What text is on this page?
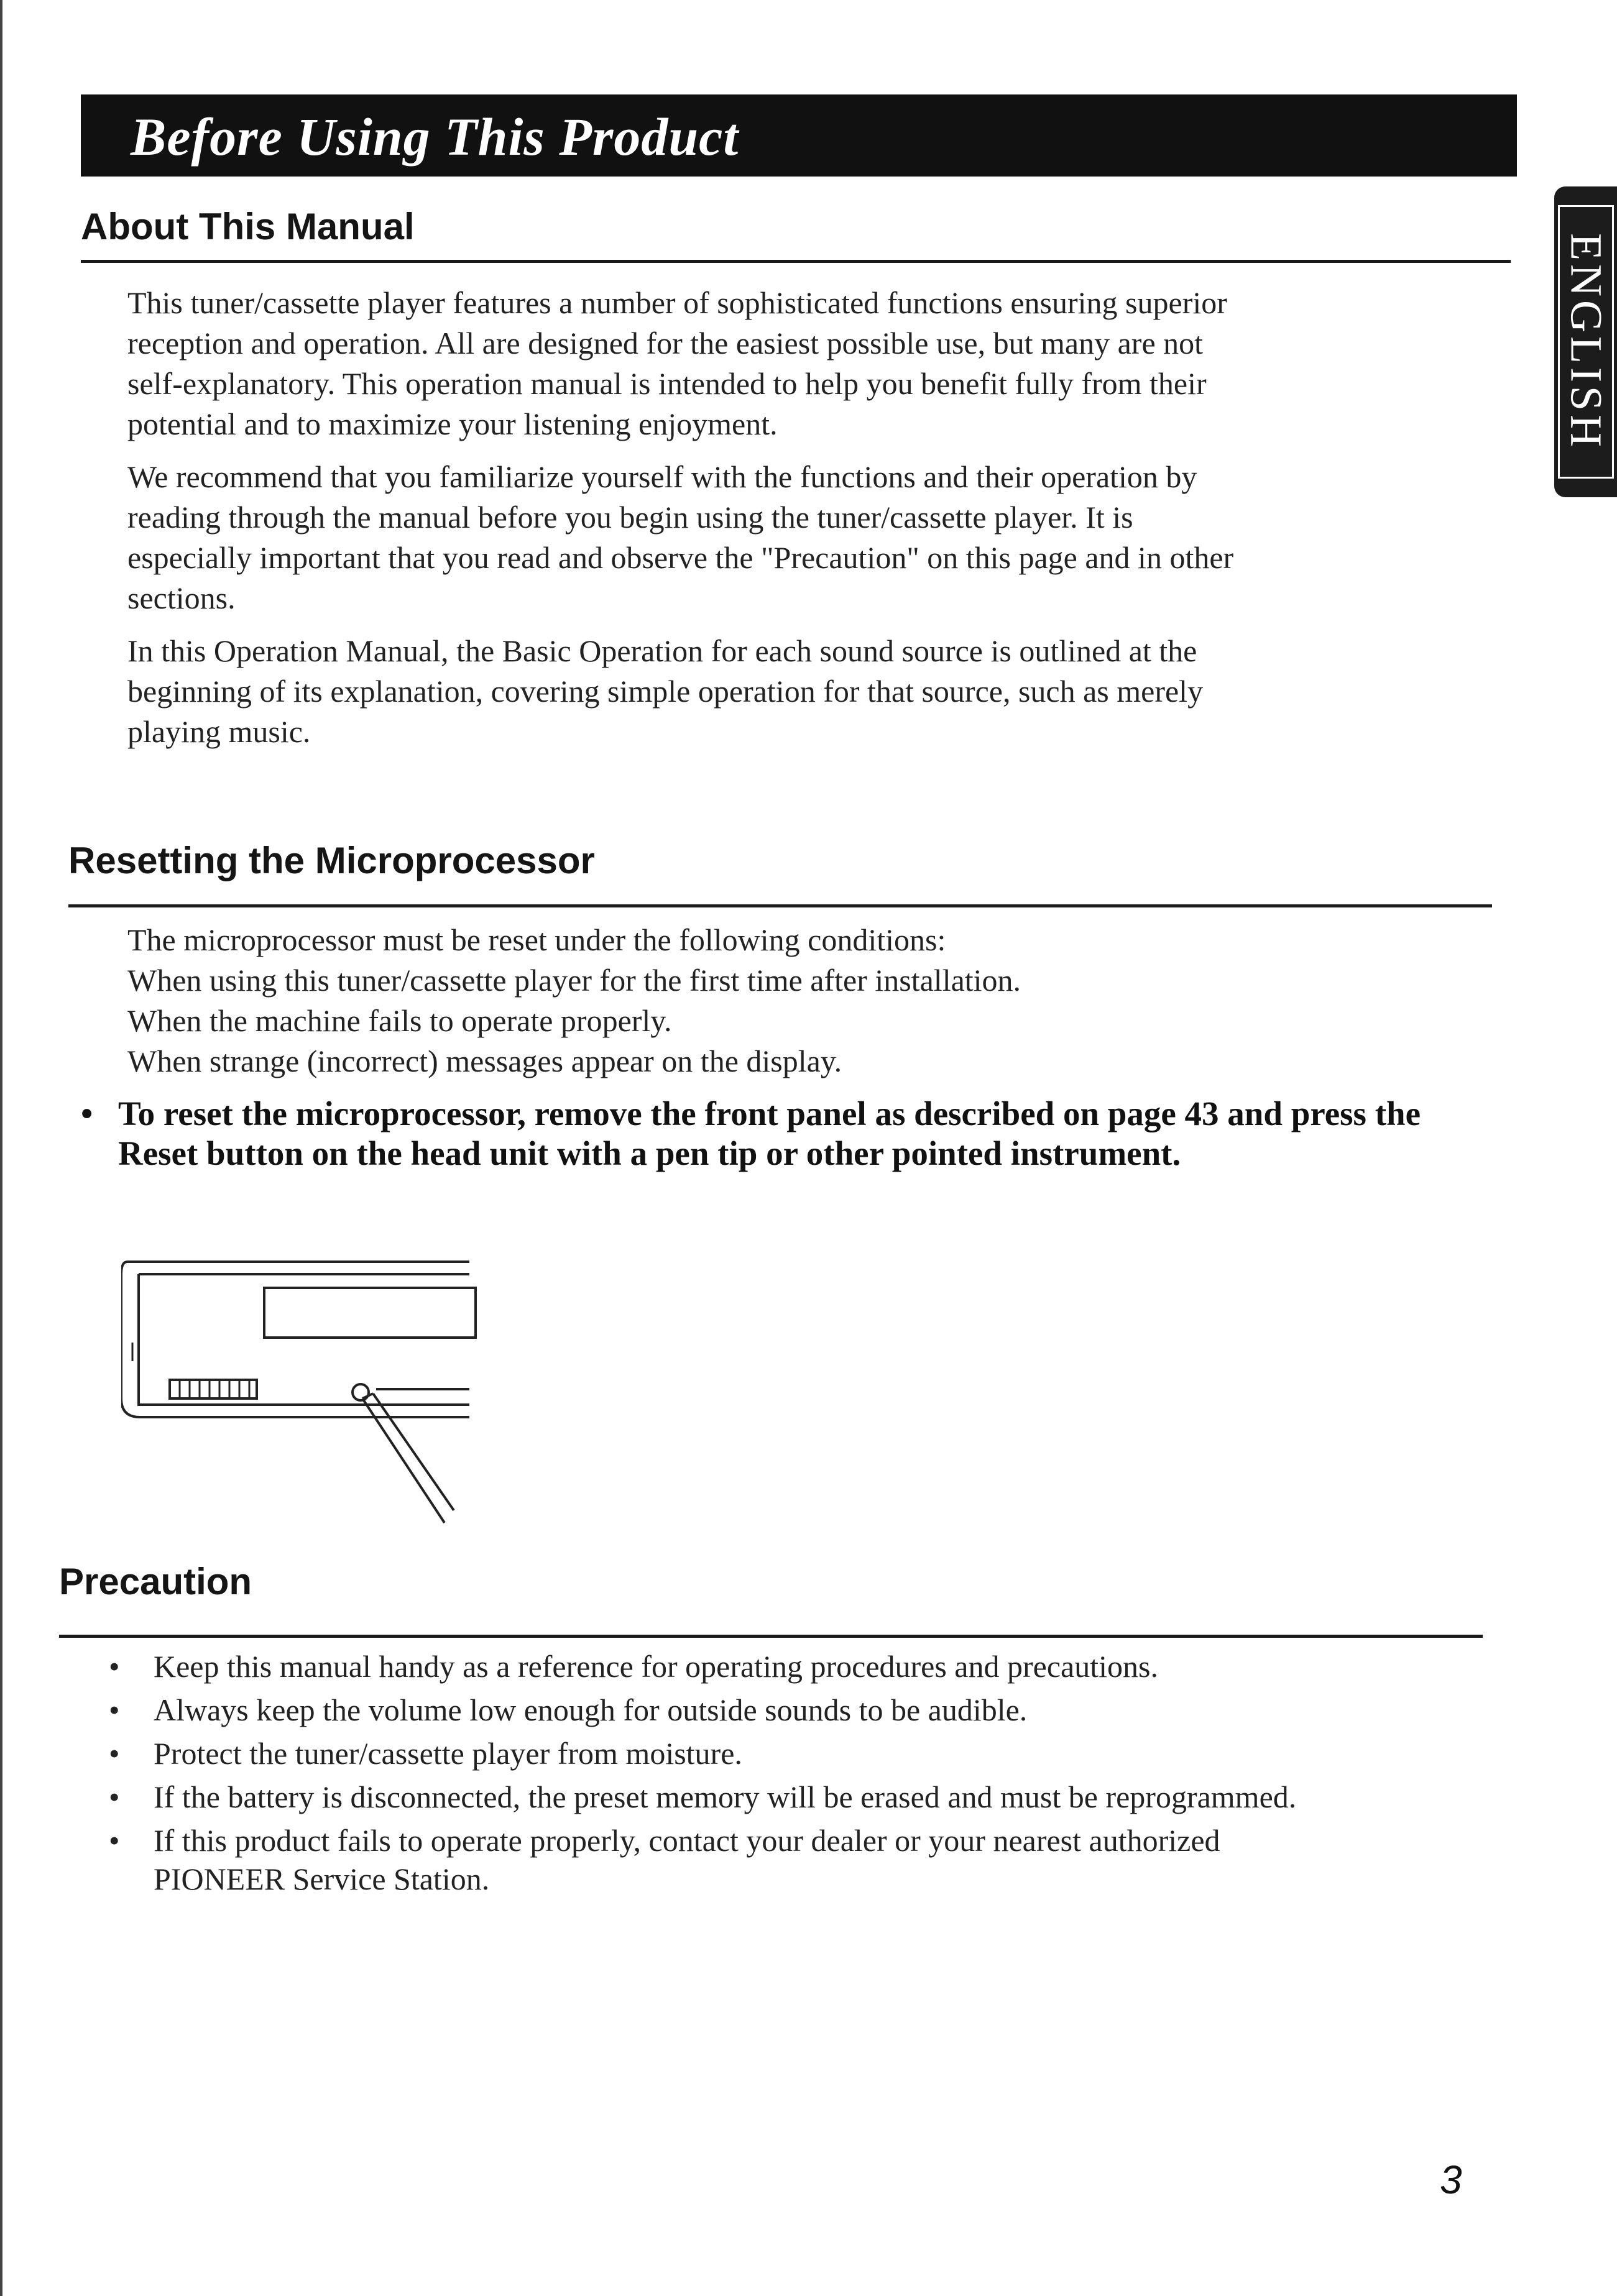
Before Using This Product
ENGLISH
About This Manual

This tuner/cassette player features a number of sophisticated functions ensuring superior reception and operation. All are designed for the easiest possible use, but many are not self-explanatory. This operation manual is intended to help you benefit fully from their potential and to maximize your listening enjoyment.

We recommend that you familiarize yourself with the functions and their operation by reading through the manual before you begin using the tuner/cassette player. It is especially important that you read and observe the "Precaution" on this page and in other sections.

In this Operation Manual, the Basic Operation for each sound source is outlined at the beginning of its explanation, covering simple operation for that source, such as merely playing music.

Resetting the Microprocessor

The microprocessor must be reset under the following conditions:

When using this tuner/cassette player for the first time after installation.

When the machine fails to operate properly.

When strange (incorrect) messages appear on the display.

• To reset the microprocessor, remove the front panel as described on page 43 and press the Reset button on the head unit with a pen tip or other pointed instrument.
Precaution
• Keep this manual handy as a reference for operating procedures and precautions.
• Always keep the volume low enough for outside sounds to be audible.
• Protect the tuner/cassette player from moisture.
• If the battery is disconnected, the preset memory will be erased and must be reprogrammed.
• If this product fails to operate properly, contact your dealer or your nearest authorized PIONEER Service Station.
3
